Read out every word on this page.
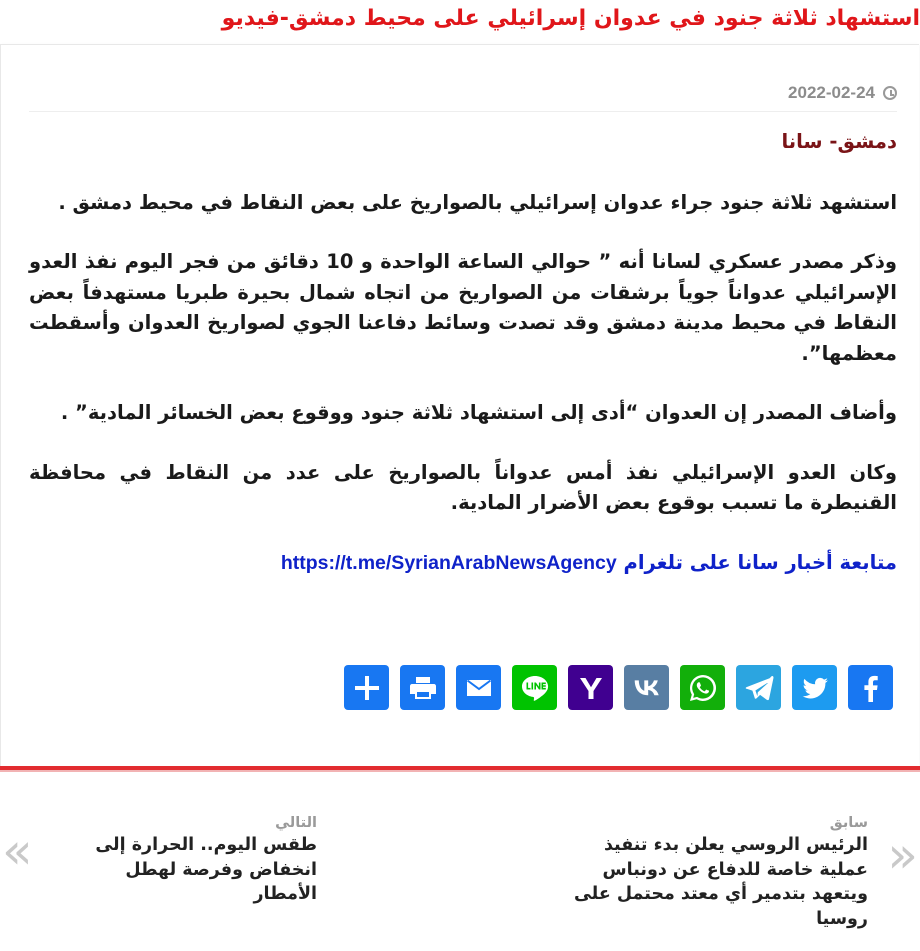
استشهاد ثلاثة جنود في عدوان إسرائيلي على محيط دمشق-فيديو
2022-02-24

دمشق- سانا

استشهد ثلاثة جنود جراء عدوان إسرائيلي بالصواريخ على بعض النقاط في محيط دمشق .

وذكر مصدر عسكري لسانا أنه ” حوالي الساعة الواحدة و 10 دقائق من فجر اليوم نفذ العدو الإسرائيلي عدواناً جوياً برشقات من الصواريخ من اتجاه شمال بحيرة طبريا مستهدفاً بعض النقاط في محيط مدينة دمشق وقد تصدت وسائط دفاعنا الجوي لصواريخ العدوان وأسقطت معظمها”.

وأضاف المصدر إن العدوان “أدى إلى استشهاد ثلاثة جنود ووقوع بعض الخسائر المادية” .

وكان العدو الإسرائيلي نفذ أمس عدواناً بالصواريخ على عدد من النقاط في محافظة القنيطرة ما تسبب بوقوع بعض الأضرار المادية.

متابعة أخبار سانا على تلغرام https://t.me/SyrianArabNewsAgency

»
سابق
الرئيس الروسي يعلن بدء تنفيذ عملية خاصة للدفاع عن دونباس ويتعهد بتدمير أي معتد محتمل على روسيا
«	التالي
طقس اليوم.. الحرارة إلى انخفاض وفرصة لهطل الأمطار
